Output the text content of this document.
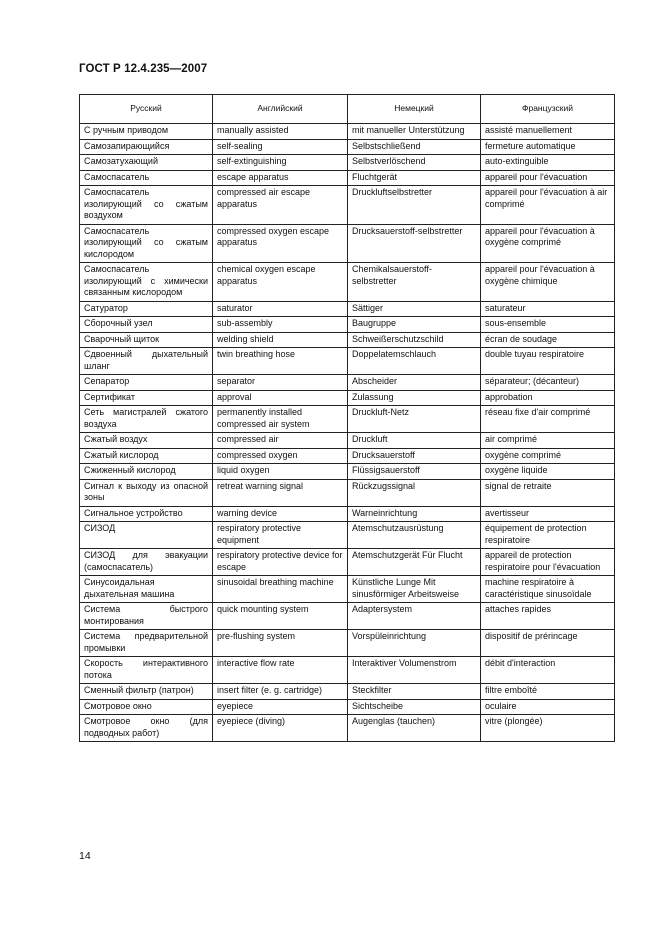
ГОСТ Р 12.4.235—2007
Русский	Английский	Немецкий	Французский
С ручным приводом	manually assisted	mit manueller Unterstützung	assisté manuellement
Самозапирающийся	self-sealing	Selbstschließend	fermeture automatique
Самозатухающий	self-extinguishing	Selbstverlöschend	auto-extinguible
Самоспасатель	escape apparatus	Fluchtgerät	appareil pour l'évacuation
Самоспасатель изолирующий со сжатым воздухом	compressed air escape apparatus	Druckluftselbstretter	appareil pour l'évacuation à air comprimé
Самоспасатель изолирующий со сжатым кислородом	compressed oxygen escape apparatus	Drucksauerstoff-selbstretter	appareil pour l'évacuation à oxygène comprimé
Самоспасатель изолирующий с химически связанным кислородом	chemical oxygen escape apparatus	Chemikalsauerstoff-selbstretter	appareil pour l'évacuation à oxygène chimique
Сатуратор	saturator	Sättiger	saturateur
Сборочный узел	sub-assembly	Baugruppe	sous-ensemble
Сварочный щиток	welding shield	Schweißerschutzschild	écran de soudage
Сдвоенный дыхательный шланг	twin breathing hose	Doppelatemschlauch	double tuyau respiratoire
Сепаратор	separator	Abscheider	séparateur; (décanteur)
Сертификат	approval	Zulassung	approbation
Сеть магистралей сжатого воздуха	permanently installed compressed air system	Druckluft-Netz	réseau fixe d'air comprimé
Сжатый воздух	compressed air	Druckluft	air comprimé
Сжатый кислород	compressed oxygen	Drucksauerstoff	oxygène comprimé
Сжиженный кислород	liquid oxygen	Flüssigsauerstoff	oxygène liquide
Сигнал к выходу из опасной зоны	retreat warning signal	Rückzugssignal	signal de retraite
Сигнальное устройство	warning device	Warneinrichtung	avertisseur
СИЗОД	respiratory protective equipment	Atemschutzausrüstung	équipement de protection respiratoire
СИЗОД для эвакуации (самоспасатель)	respiratory protective device for escape	Atemschutzgerät Für Flucht	appareil de protection respiratoire pour l'évacuation
Синусоидальная дыхательная машина	sinusoidal breathing machine	Künstliche Lunge Mit sinusförmiger Arbeitsweise	machine respiratoire à caractéristique sinusoïdale
Система быстрого монтирования	quick mounting system	Adaptersystem	attaches rapides
Система предварительной промывки	pre-flushing system	Vorspüleinrichtung	dispositif de prérincage
Скорость интерактивного потока	interactive flow rate	Interaktiver Volumenstrom	débit d'interaction
Сменный фильтр (патрон)	insert filter (e. g. cartridge)	Steckfilter	filtre emboîté
Смотровое окно	eyepiece	Sichtscheibe	oculaire
Смотровое окно (для подводных работ)	eyepiece (diving)	Augenglas (tauchen)	vitre (plongée)
14
